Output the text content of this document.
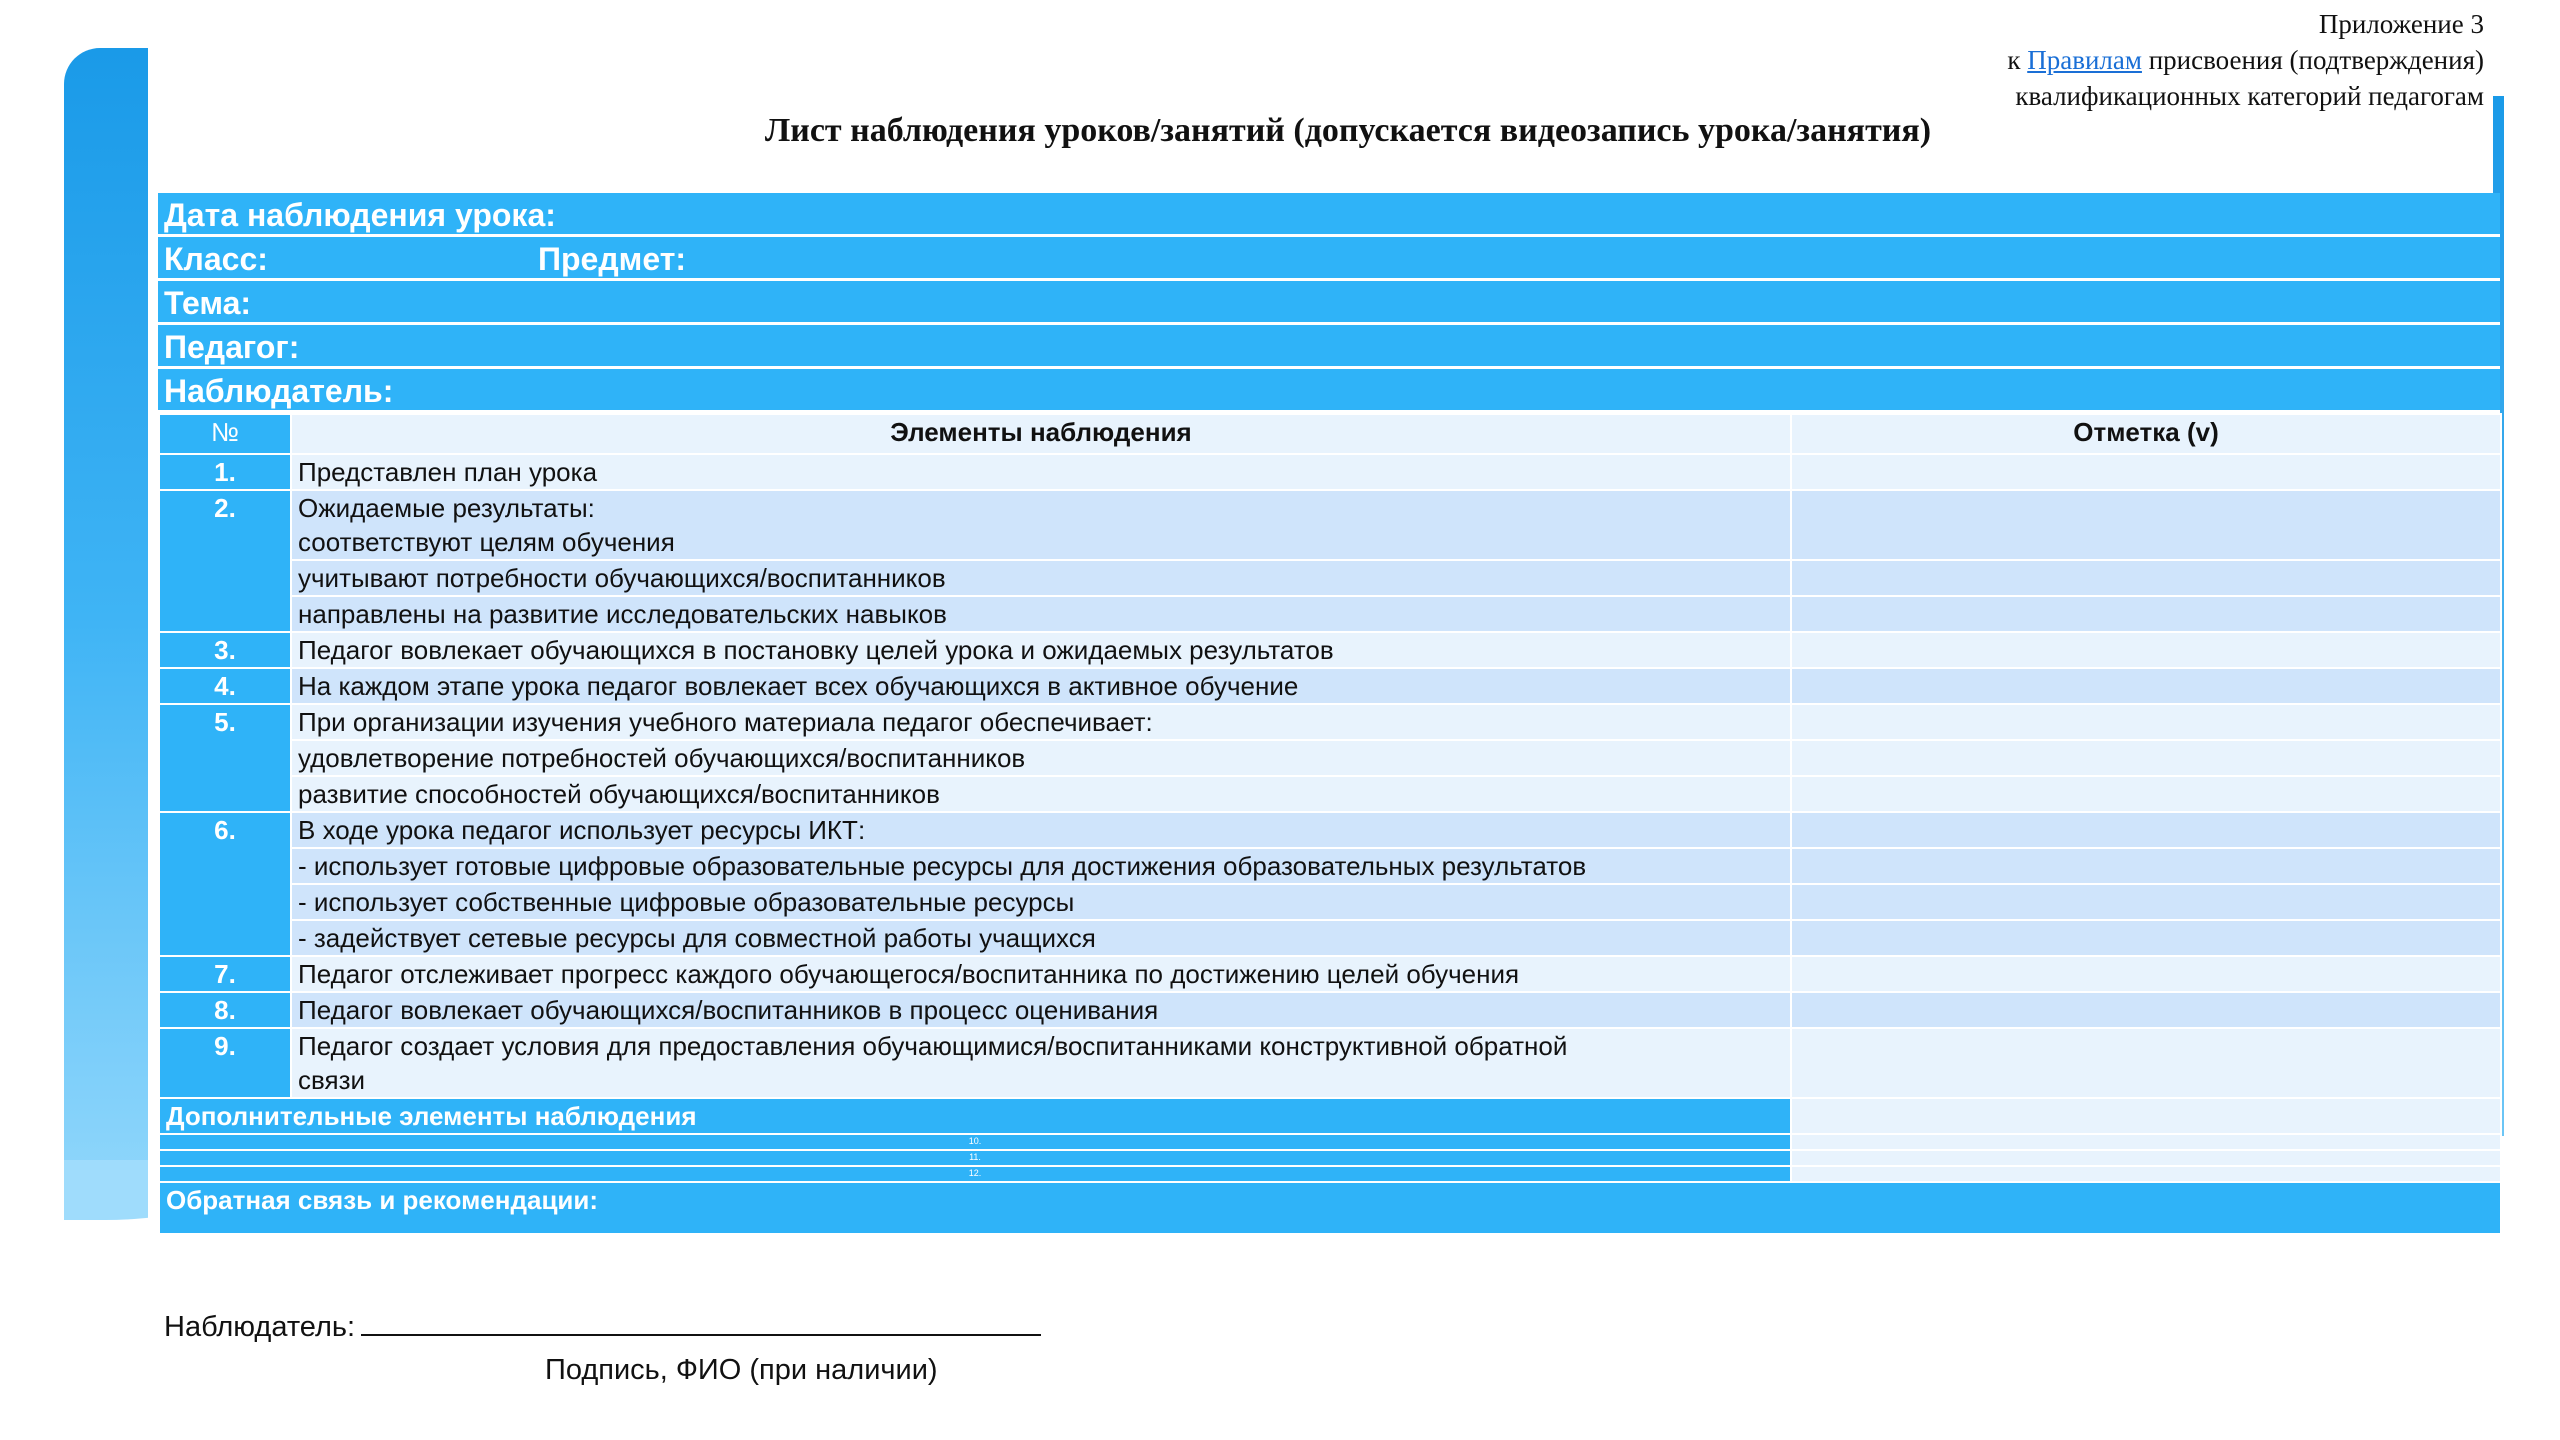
Приложение 3
к Правилам присвоения (подтверждения)
квалификационных категорий педагогам
Лист наблюдения уроков/занятий (допускается видеозапись урока/занятия)
Дата наблюдения урока:
Класс:	Предмет:
Тема:
Педагог:
Наблюдатель:
№	Элементы наблюдения	Отметка (v)
1.	Представлен план урока	

2.	Ожидаемые результаты:
соответствуют целям обучения	

	учитывают потребности обучающихся/воспитанников	

	направлены на развитие исследовательских навыков	

3.	Педагог вовлекает обучающихся в постановку целей урока и ожидаемых результатов	

4.	На каждом этапе урока педагог вовлекает всех обучающихся в активное обучение	

5.	При организации изучения учебного материала педагог обеспечивает:	

	удовлетворение потребностей обучающихся/воспитанников	

	развитие способностей обучающихся/воспитанников	

6.	В ходе урока педагог использует ресурсы ИКТ:	

	- использует готовые цифровые образовательные ресурсы для достижения образовательных результатов	

	- использует собственные цифровые образовательные ресурсы	

	- задействует сетевые ресурсы для совместной работы учащихся	

7.	Педагог отслеживает прогресс каждого обучающегося/воспитанника по достижению целей обучения	

8.	Педагог вовлекает обучающихся/воспитанников в процесс оценивания	

9.	Педагог создает условия для предоставления обучающимися/воспитанниками конструктивной обратной
связи	

Дополнительные элементы наблюдения		
10.		
11.		
12.		
Обратная связь и рекомендации:		
Наблюдатель:
Подпись, ФИО (при наличии)
